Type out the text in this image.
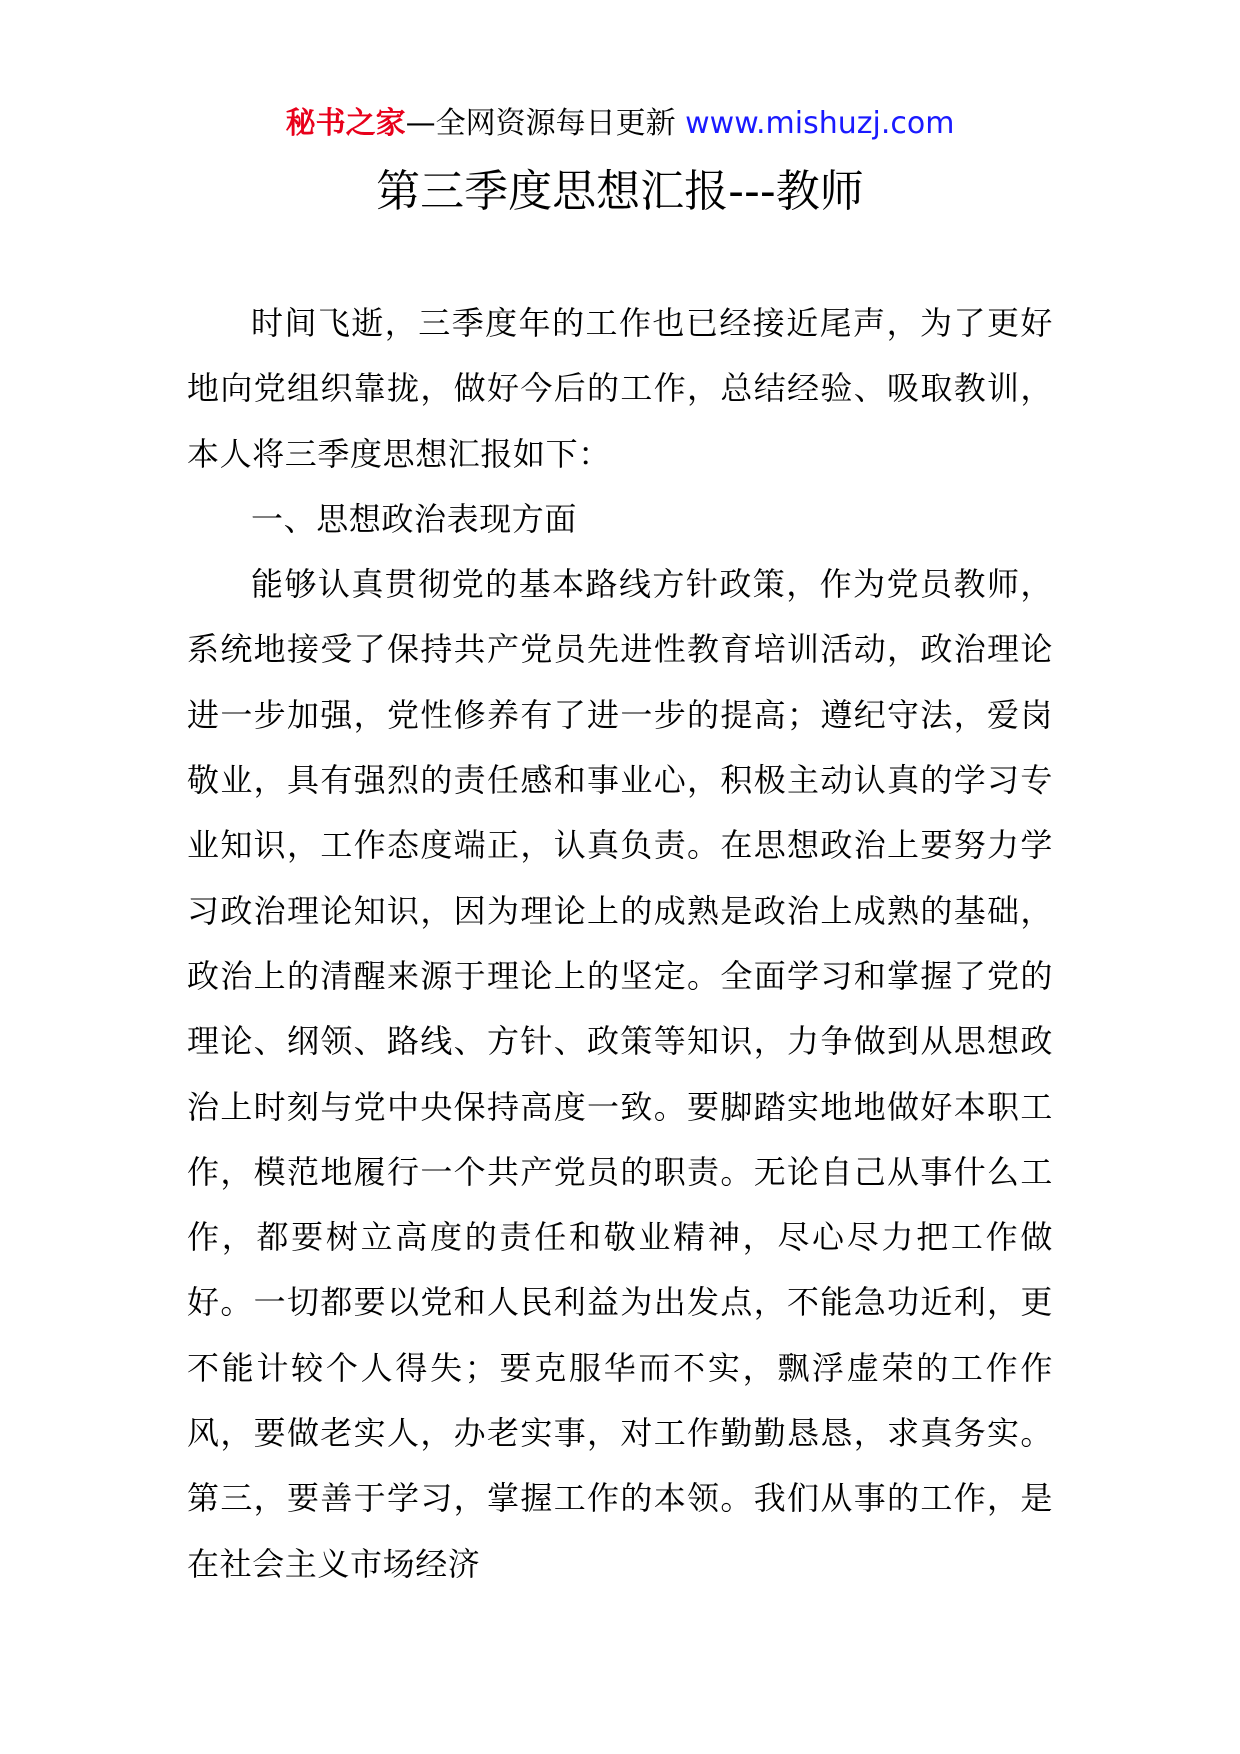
秘书之家—全网资源每日更新 www.mishuzj.com
第三季度思想汇报---教师

时间飞逝，三季度年的工作也已经接近尾声，为了更好地向党组织靠拢，做好今后的工作，总结经验、吸取教训，本人将三季度思想汇报如下：

一、思想政治表现方面

能够认真贯彻党的基本路线方针政策，作为党员教师，系统地接受了保持共产党员先进性教育培训活动，政治理论进一步加强，党性修养有了进一步的提高；遵纪守法，爱岗敬业，具有强烈的责任感和事业心，积极主动认真的学习专业知识，工作态度端正，认真负责。在思想政治上要努力学习政治理论知识，因为理论上的成熟是政治上成熟的基础，政治上的清醒来源于理论上的坚定。全面学习和掌握了党的理论、纲领、路线、方针、政策等知识，力争做到从思想政治上时刻与党中央保持高度一致。要脚踏实地地做好本职工作，模范地履行一个共产党员的职责。无论自己从事什么工作，都要树立高度的责任和敬业精神，尽心尽力把工作做好。一切都要以党和人民利益为出发点，不能急功近利，更不能计较个人得失；要克服华而不实，飘浮虚荣的工作作风，要做老实人，办老实事，对工作勤勤恳恳，求真务实。第三，要善于学习，掌握工作的本领。我们从事的工作，是在社会主义市场经济
